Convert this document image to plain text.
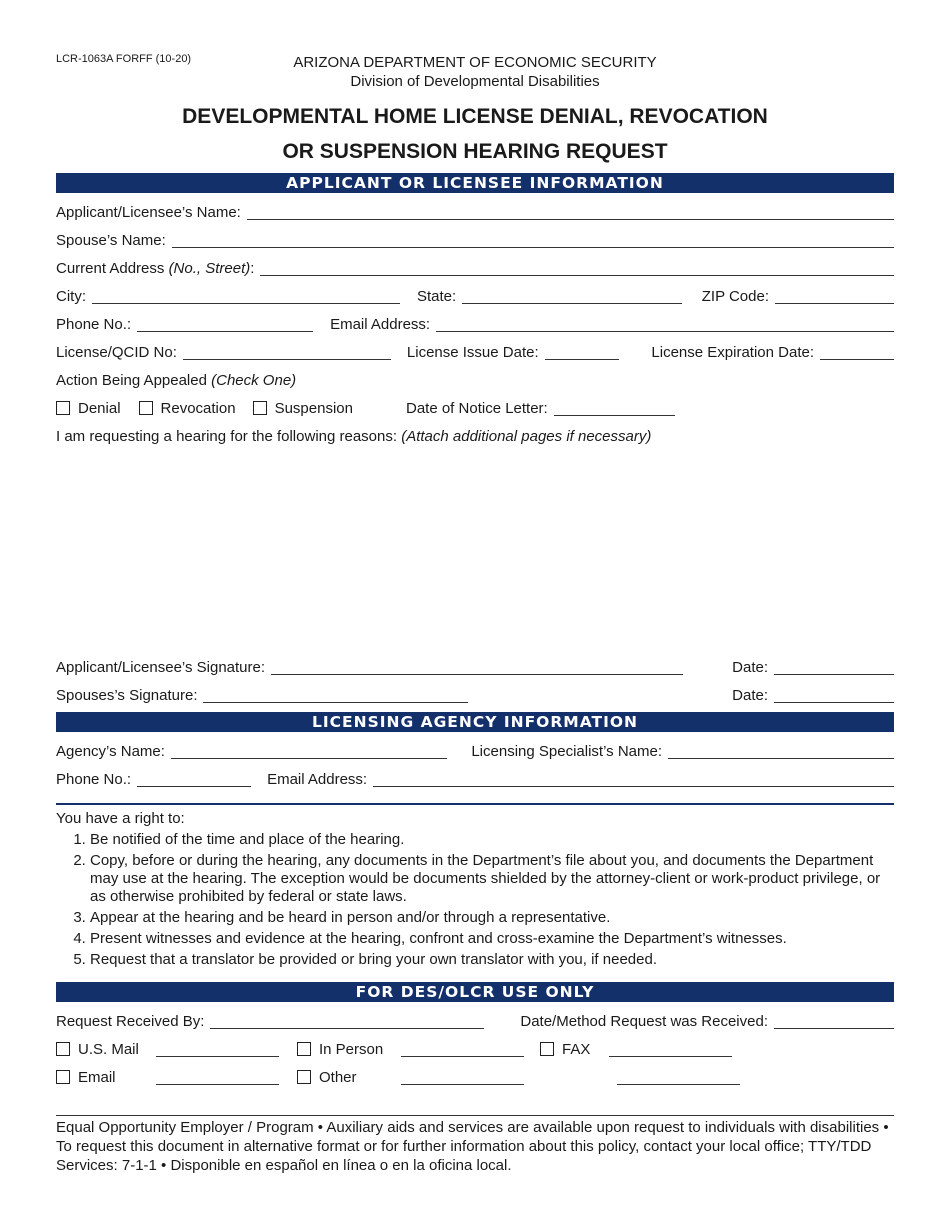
LCR-1063A FORFF (10-20)	ARIZONA DEPARTMENT OF ECONOMIC SECURITY
Division of Developmental Disabilities
DEVELOPMENTAL HOME LICENSE DENIAL, REVOCATION
OR SUSPENSION HEARING REQUEST
APPLICANT OR LICENSEE INFORMATION
Applicant/Licensee’s Name:
Spouse’s Name:
Current Address (No., Street):
City:	State:	ZIP Code:
Phone No.:	Email Address:
License/QCID No:	License Issue Date:	License Expiration Date:
Action Being Appealed (Check One)
Denial	Revocation	Suspension	Date of Notice Letter:
I am requesting a hearing for the following reasons: (Attach additional pages if necessary)
Applicant/Licensee’s Signature:	Date:
Spouses’s Signature:	Date:
LICENSING AGENCY INFORMATION
Agency’s Name:	Licensing Specialist’s Name:
Phone No.:	Email Address:
You have a right to:
1. Be notified of the time and place of the hearing.
2. Copy, before or during the hearing, any documents in the Department’s file about you, and documents the Department may use at the hearing. The exception would be documents shielded by the attorney-client or work-product privilege, or as otherwise prohibited by federal or state laws.
3. Appear at the hearing and be heard in person and/or through a representative.
4. Present witnesses and evidence at the hearing, confront and cross-examine the Department’s witnesses.
5. Request that a translator be provided or bring your own translator with you, if needed.
FOR DES/OLCR USE ONLY
Request Received By:	Date/Method Request was Received:
U.S. Mail	In Person	FAX
Email	Other
Equal Opportunity Employer / Program • Auxiliary aids and services are available upon request to individuals with disabilities • To request this document in alternative format or for further information about this policy, contact your local office; TTY/TDD Services: 7-1-1 • Disponible en español en línea o en la oficina local.
